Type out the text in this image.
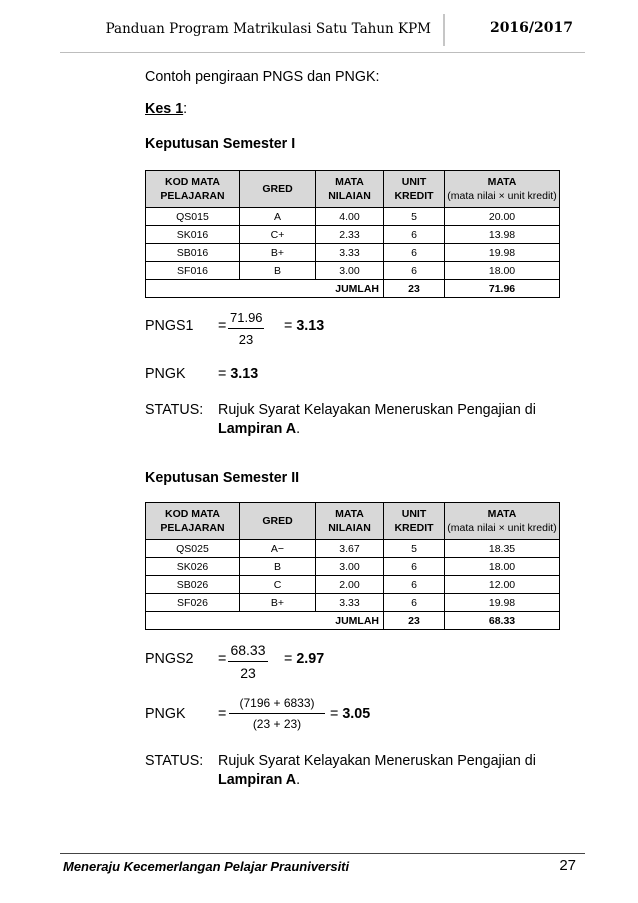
Panduan Program Matrikulasi Satu Tahun KPM	2016/2017
Contoh pengiraan PNGS dan PNGK:
Kes 1:
Keputusan Semester I
KOD MATA PELAJARAN	GRED	MATA NILAIAN	UNIT KREDIT	MATA
(mata nilai × unit kredit)
QS015	A	4.00	5	20.00
SK016	C+	2.33	6	13.98
SB016	B+	3.33	6	19.98
SF016	B	3.00	6	18.00
JUMLAH			23	71.96
PNGS1 = $\frac{71.96}{23} = 3.13$
PNGK = 3.13
STATUS: Rujuk Syarat Kelayakan Meneruskan Pengajian di
Lampiran A.
Keputusan Semester II
KOD MATA PELAJARAN	GRED	MATA NILAIAN	UNIT KREDIT	MATA
(mata nilai × unit kredit)
QS025	A−	3.67	5	18.35
SK026	B	3.00	6	18.00
SB026	C	2.00	6	12.00
SF026	B+	3.33	6	19.98
JUMLAH			23	68.33
PNGS2 = $\frac{68.33}{23} = 2.97$
PNGK = $\frac{(7196 + 6833)}{(23 + 23)} = 3.05$
STATUS: Rujuk Syarat Kelayakan Meneruskan Pengajian di
Lampiran A.
Meneraju Kecemerlangan Pelajar Prauniversiti	27
